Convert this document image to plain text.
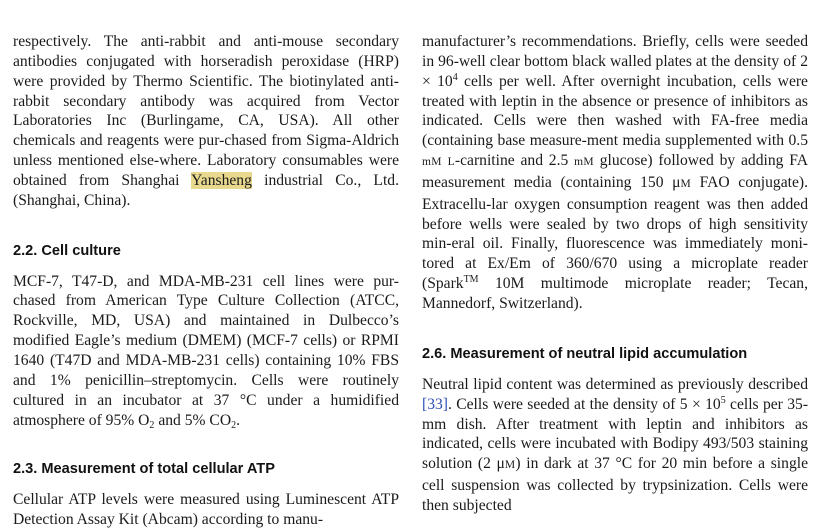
respectively. The anti-rabbit and anti-mouse secondary antibodies conjugated with horseradish peroxidase (HRP) were provided by Thermo Scientific. The biotinylated anti-rabbit secondary antibody was acquired from Vector Laboratories Inc (Burlingame, CA, USA). All other chemicals and reagents were pur-chased from Sigma-Aldrich unless mentioned else-where. Laboratory consumables were obtained from Shanghai Yansheng industrial Co., Ltd. (Shanghai, China).

2.2. Cell culture

MCF-7, T47-D, and MDA-MB-231 cell lines were pur-chased from American Type Culture Collection (ATCC, Rockville, MD, USA) and maintained in Dulbecco’s modified Eagle’s medium (DMEM) (MCF-7 cells) or RPMI 1640 (T47D and MDA-MB-231 cells) containing 10% FBS and 1% penicillin–streptomycin. Cells were routinely cultured in an incubator at 37 °C under a humidified atmosphere of 95% $O_2$ and 5% $CO_2$.

2.3. Measurement of total cellular ATP

Cellular ATP levels were measured using Luminescent ATP Detection Assay Kit (Abcam) according to manu-

manufacturer’s recommendations. Briefly, cells were seeded in 96-well clear bottom black walled plates at the density of $2 \times 10^4$ cells per well. After overnight incubation, cells were treated with leptin in the absence or presence of inhibitors as indicated. Cells were then washed with FA-free media (containing base measure-ment media supplemented with 0.5 mM L-carnitine and 2.5 mM glucose) followed by adding FA measurement media (containing 150 μM FAO conjugate). Extracellu-lar oxygen consumption reagent was then added before wells were sealed by two drops of high sensitivity min-eral oil. Finally, fluorescence was immediately moni-tored at Ex/Em of 360/670 using a microplate reader (Spark™ 10M multimode microplate reader; Tecan, Mannedorf, Switzerland).

2.6. Measurement of neutral lipid accumulation

Neutral lipid content was determined as previously described [33]. Cells were seeded at the density of $5 \times 10^5$ cells per 35-mm dish. After treatment with leptin and inhibitors as indicated, cells were incubated with Bodipy 493/503 staining solution (2 μM) in dark at 37 °C for 20 min before a single cell suspension was collected by trypsinization. Cells were then subjected
